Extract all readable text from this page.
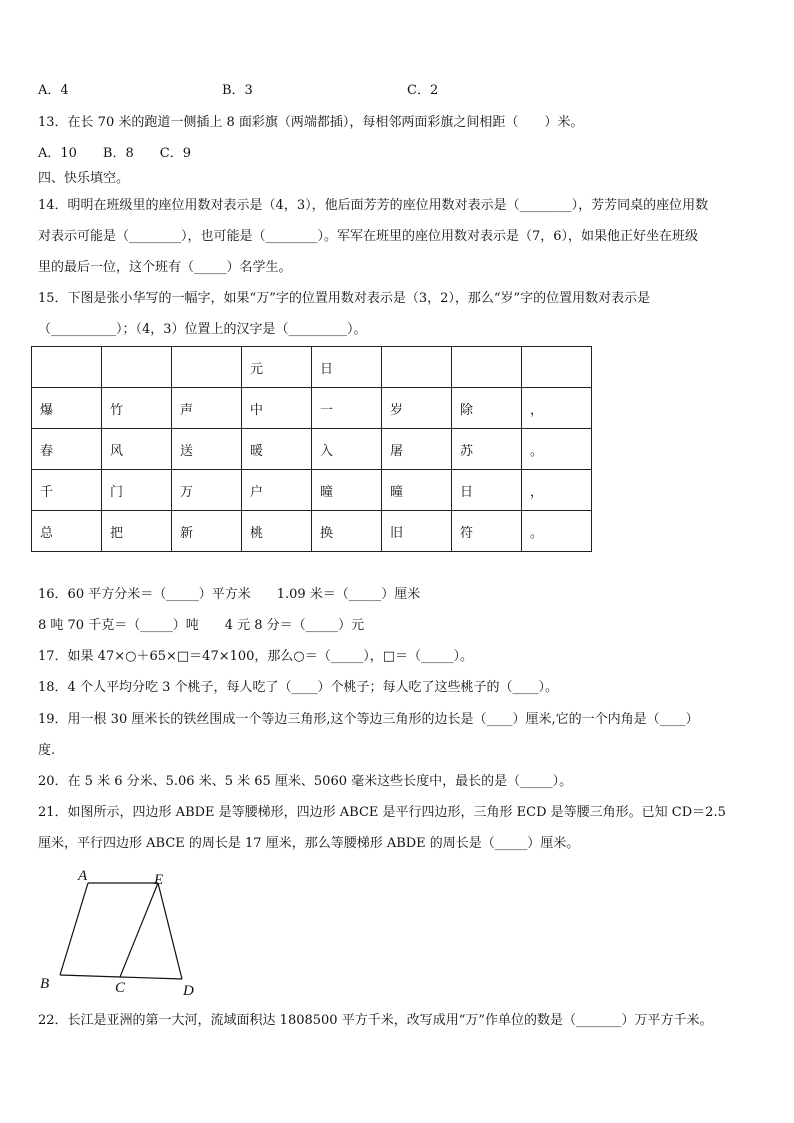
A．4	B．3	C．2
13．在长 70 米的跑道一侧插上 8 面彩旗（两端都插），每相邻两面彩旗之间相距（　　）米。
A．10　　B．8　　C．9
四、快乐填空。
14．明明在班级里的座位用数对表示是（4，3），他后面芳芳的座位用数对表示是（________），芳芳同桌的座位用数
对表示可能是（________），也可能是（________）。军军在班里的座位用数对表示是（7，6），如果他正好坐在班级
里的最后一位，这个班有（_____）名学生。
15．下图是张小华写的一幅字，如果“万”字的位置用数对表示是（3，2），那么“岁”字的位置用数对表示是
（__________）；（4，3）位置上的汉字是（_________）。
			元	日			
爆	竹	声	中	一	岁	除	，
春	风	送	暖	入	屠	苏	。
千	门	万	户	曈	曈	日	，
总	把	新	桃	换	旧	符	。
16．60 平方分米＝（_____）平方米　　1.09 米＝（_____）厘米
8 吨 70 千克＝（_____）吨　　4 元 8 分＝（_____）元
17．如果 47×○＋65×□＝47×100，那么○＝（_____），□＝（_____）。
18．4 个人平均分吃 3 个桃子，每人吃了（____）个桃子；每人吃了这些桃子的（____）。
19．用一根 30 厘米长的铁丝围成一个等边三角形,这个等边三角形的边长是（____）厘米,它的一个内角是（____）
度.
20．在 5 米 6 分米、5.06 米、5 米 65 厘米、5060 毫米这些长度中，最长的是（_____）。
21．如图所示，四边形 ABDE 是等腰梯形，四边形 ABCE 是平行四边形，三角形 ECD 是等腰三角形。已知 CD＝2.5
厘米，平行四边形 ABCE 的周长是 17 厘米，那么等腰梯形 ABDE 的周长是（_____）厘米。
A	E
B	C	D
22．长江是亚洲的第一大河，流域面积达 1808500 平方千米，改写成用“万”作单位的数是（_______）万平方千米。
